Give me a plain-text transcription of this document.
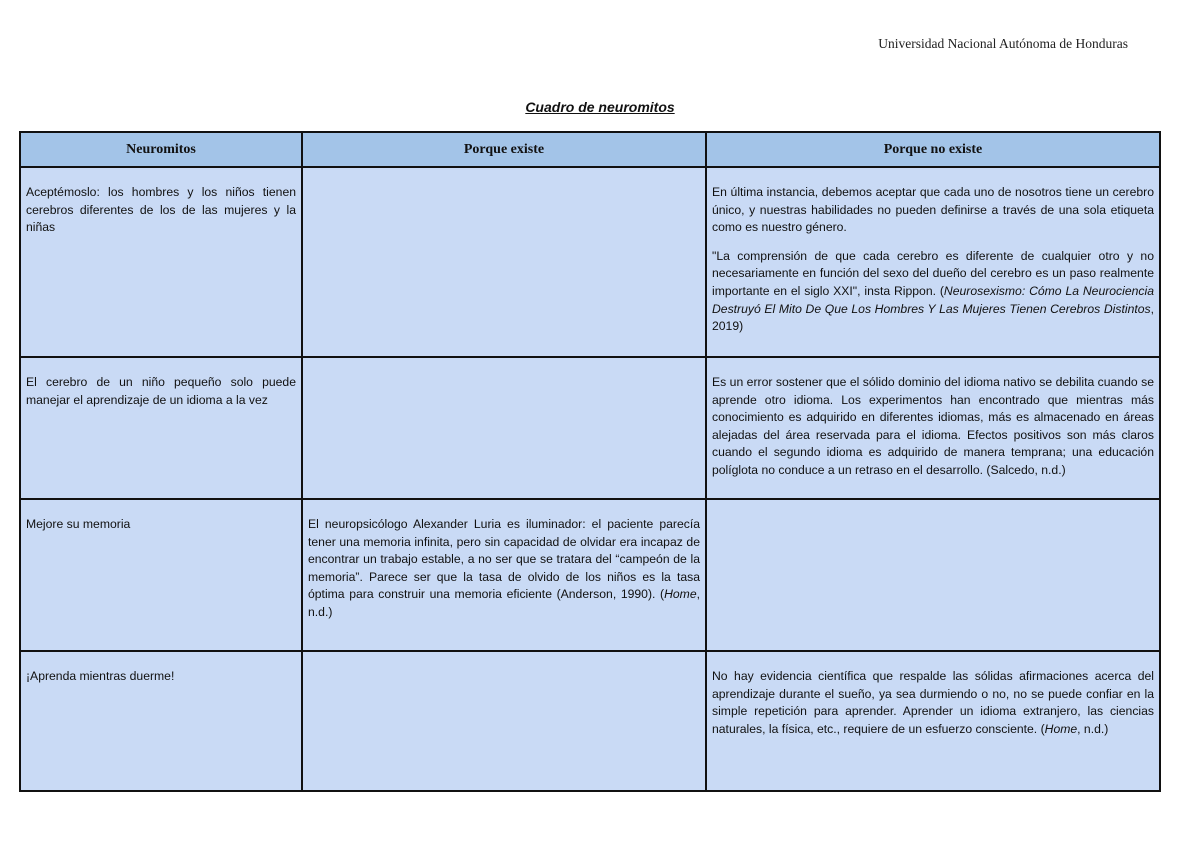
Universidad Nacional Autónoma de Honduras
Cuadro de neuromitos
Neuromitos	Porque existe	Porque no existe
Aceptémoslo: los hombres y los niños tienen cerebros diferentes de los de las mujeres y la niñas		En última instancia, debemos aceptar que cada uno de nosotros tiene un cerebro único, y nuestras habilidades no pueden definirse a través de una sola etiqueta como es nuestro género.

"La comprensión de que cada cerebro es diferente de cualquier otro y no necesariamente en función del sexo del dueño del cerebro es un paso realmente importante en el siglo XXI", insta Rippon. (Neurosexismo: Cómo La Neurociencia Destruyó El Mito De Que Los Hombres Y Las Mujeres Tienen Cerebros Distintos, 2019)

El cerebro de un niño pequeño solo puede manejar el aprendizaje de un idioma a la vez		Es un error sostener que el sólido dominio del idioma nativo se debilita cuando se aprende otro idioma. Los experimentos han encontrado que mientras más conocimiento es adquirido en diferentes idiomas, más es almacenado en áreas alejadas del área reservada para el idioma. Efectos positivos son más claros cuando el segundo idioma es adquirido de manera temprana; una educación políglota no conduce a un retraso en el desarrollo. (Salcedo, n.d.)
Mejore su memoria	El neuropsicólogo Alexander Luria es iluminador: el paciente parecía tener una memoria infinita, pero sin capacidad de olvidar era incapaz de encontrar un trabajo estable, a no ser que se tratara del “campeón de la memoria”. Parece ser que la tasa de olvido de los niños es la tasa óptima para construir una memoria eficiente (Anderson, 1990). (Home, n.d.)	
¡Aprenda mientras duerme!		No hay evidencia científica que respalde las sólidas afirmaciones acerca del aprendizaje durante el sueño, ya sea durmiendo o no, no se puede confiar en la simple repetición para aprender. Aprender un idioma extranjero, las ciencias naturales, la física, etc., requiere de un esfuerzo consciente. (Home, n.d.)
